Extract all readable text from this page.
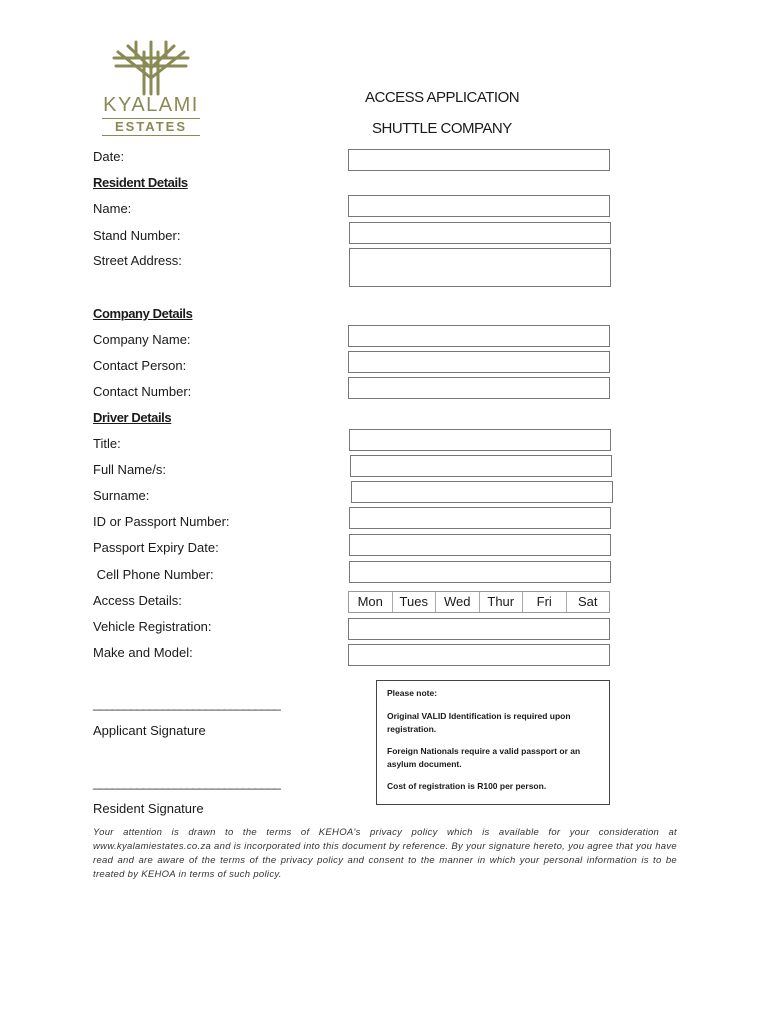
KYALAMI
ESTATES
ACCESS APPLICATION
SHUTTLE COMPANY
Date:
Resident Details
Name:
Stand Number:
Street Address:
Company Details
Company Name:
Contact Person:
Contact Number:
Driver Details
Title:
Full Name/s:
Surname:
ID or Passport Number:
Passport Expiry Date:
Cell Phone Number:
Access Details:	Mon	Tues	Wed	Thur	Fri	Sat
Vehicle Registration:
Make and Model:
______________________________
Applicant Signature
______________________________
Resident Signature

Please note:

Original VALID Identification is required upon registration.

Foreign Nationals require a valid passport or an asylum document.

Cost of registration is R100 per person.

Your attention is drawn to the terms of KEHOA's privacy policy which is available for your consideration at www.kyalamiestates.co.za and is incorporated into this document by reference. By your signature hereto, you agree that you have read and are aware of the terms of the privacy policy and consent to the manner in which your personal information is to be treated by KEHOA in terms of such policy.
